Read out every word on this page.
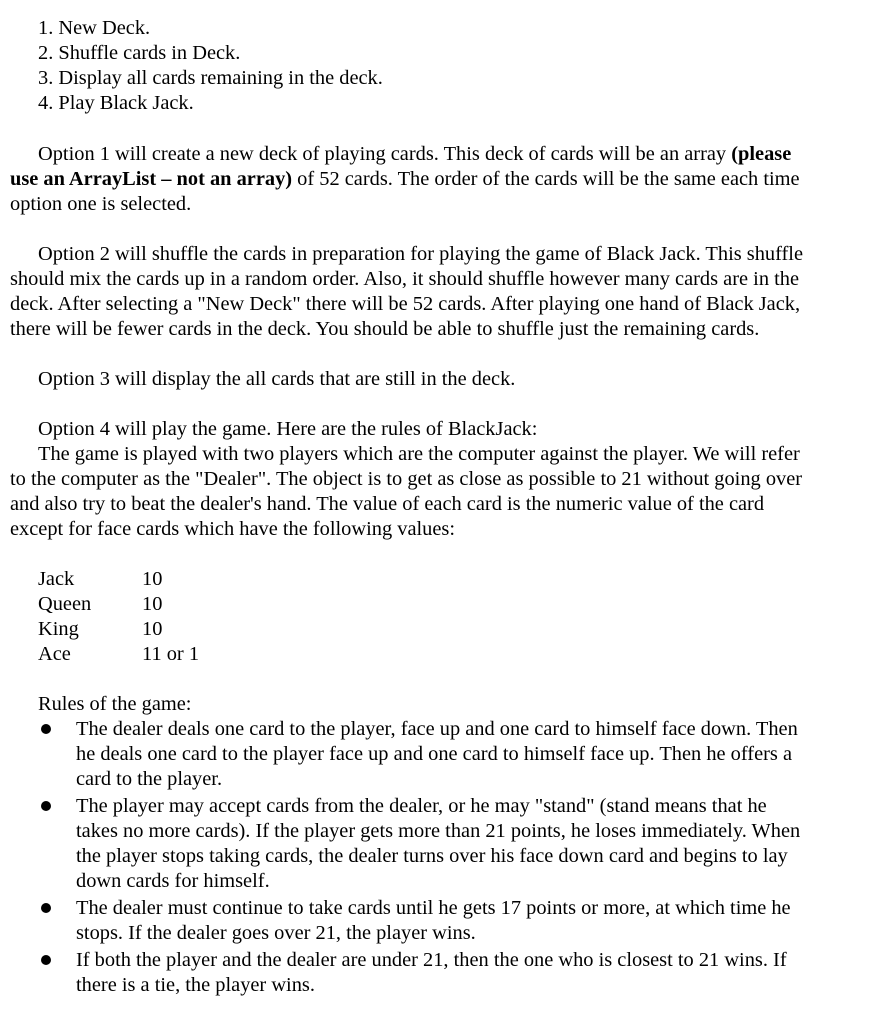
1. New Deck.
2. Shuffle cards in Deck.
3. Display all cards remaining in the deck.
4. Play Black Jack.
Option 1 will create a new deck of playing cards. This deck of cards will be an array (please
use an ArrayList – not an array) of 52 cards. The order of the cards will be the same each time
option one is selected.
Option 2 will shuffle the cards in preparation for playing the game of Black Jack. This shuffle
should mix the cards up in a random order. Also, it should shuffle however many cards are in the
deck. After selecting a "New Deck" there will be 52 cards. After playing one hand of Black Jack,
there will be fewer cards in the deck. You should be able to shuffle just the remaining cards.
Option 3 will display the all cards that are still in the deck.
Option 4 will play the game. Here are the rules of BlackJack:
The game is played with two players which are the computer against the player. We will refer
to the computer as the "Dealer". The object is to get as close as possible to 21 without going over
and also try to beat the dealer's hand. The value of each card is the numeric value of the card
except for face cards which have the following values:
Jack	10
Queen 10
King	10
Ace	11 or 1
Rules of the game:
The dealer deals one card to the player, face up and one card to himself face down. Then
he deals one card to the player face up and one card to himself face up. Then he offers a
card to the player.
The player may accept cards from the dealer, or he may "stand" (stand means that he
takes no more cards). If the player gets more than 21 points, he loses immediately. When
the player stops taking cards, the dealer turns over his face down card and begins to lay
down cards for himself.
The dealer must continue to take cards until he gets 17 points or more, at which time he
stops. If the dealer goes over 21, the player wins.
If both the player and the dealer are under 21, then the one who is closest to 21 wins. If
there is a tie, the player wins.
